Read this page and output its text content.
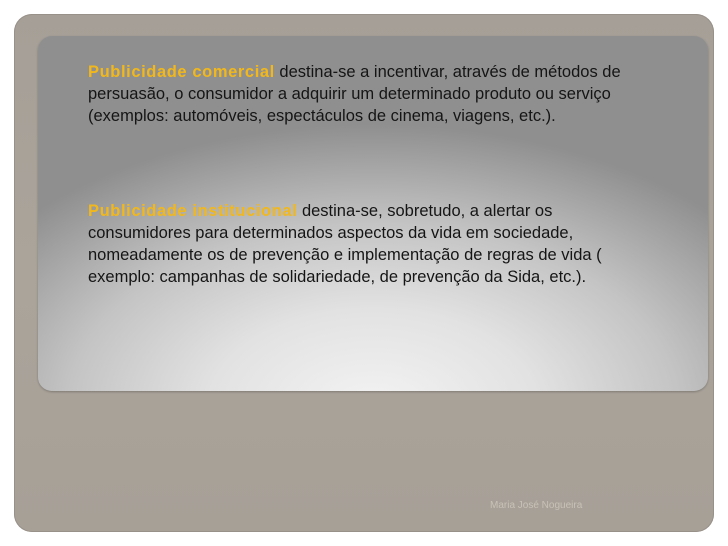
Publicidade comercial destina-se a incentivar, através de métodos de persuasão, o consumidor a adquirir um determinado produto ou serviço (exemplos: automóveis, espectáculos de cinema, viagens, etc.).
Publicidade institucional destina-se, sobretudo, a alertar os consumidores para determinados aspectos da vida em sociedade, nomeadamente os de prevenção e implementação de regras de vida ( exemplo: campanhas de solidariedade, de prevenção da Sida, etc.).
Maria José Nogueira
